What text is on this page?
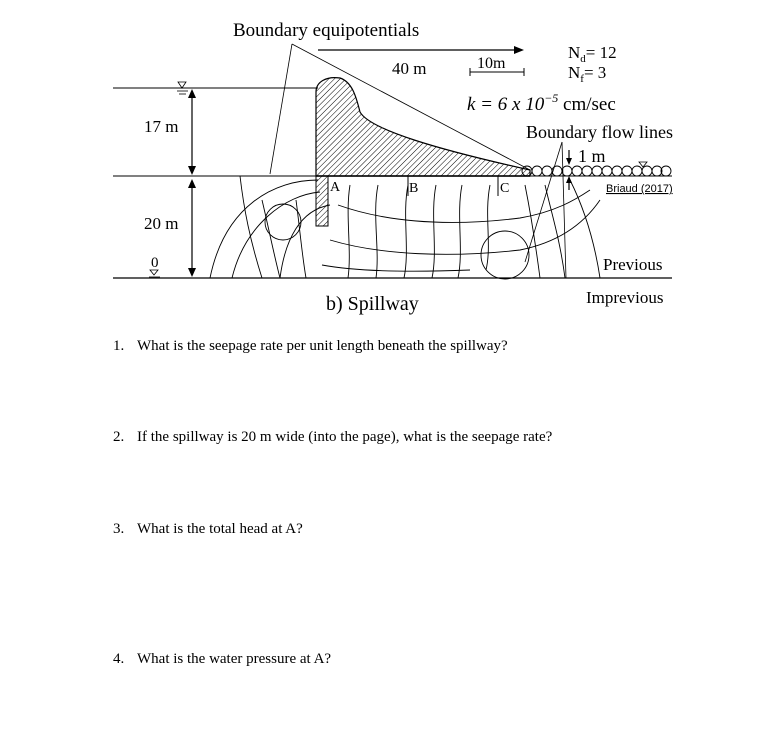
17 m
20 m
0
A	B	C
Boundary equipotentials
40 m	10m
$N_d= 12$
$N_f= 3$
k = 6 x $10^{-5}$ cm/sec
Boundary flow lines
1 m
Briaud (2017)
Previous
Imprevious
b) Spillway
1. What is the seepage rate per unit length beneath the spillway?
2. If the spillway is 20 m wide (into the page), what is the seepage rate?
3. What is the total head at A?
4. What is the water pressure at A?
